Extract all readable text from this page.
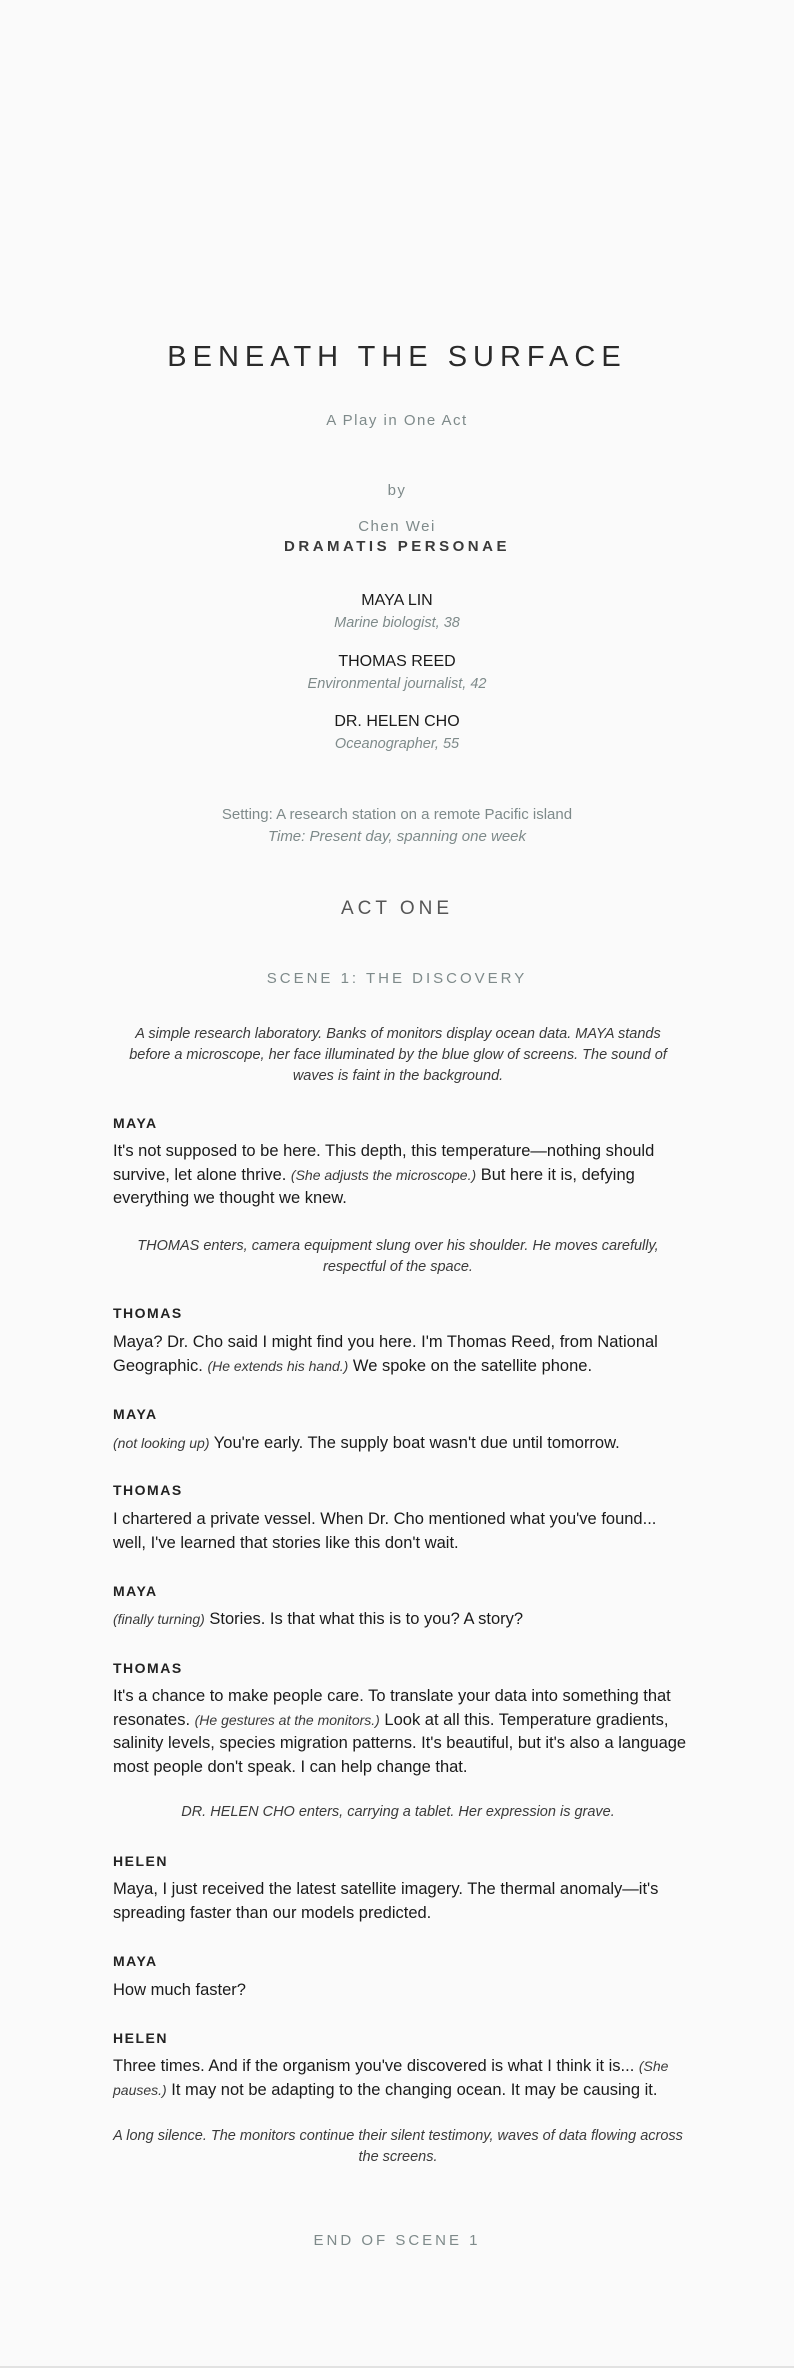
BENEATH THE SURFACE
A Play in One Act
by
Chen Wei
DRAMATIS PERSONAE
MAYA LIN
Marine biologist, 38
THOMAS REED
Environmental journalist, 42
DR. HELEN CHO
Oceanographer, 55
Setting: A research station on a remote Pacific island
Time: Present day, spanning one week
ACT ONE
SCENE 1: THE DISCOVERY
A simple research laboratory. Banks of monitors display ocean data. MAYA stands before a microscope, her face illuminated by the blue glow of screens. The sound of waves is faint in the background.
MAYA
It's not supposed to be here. This depth, this temperature—nothing should survive, let alone thrive. (She adjusts the microscope.) But here it is, defying everything we thought we knew.
THOMAS enters, camera equipment slung over his shoulder. He moves carefully, respectful of the space.
THOMAS
Maya? Dr. Cho said I might find you here. I'm Thomas Reed, from National Geographic. (He extends his hand.) We spoke on the satellite phone.
MAYA
(not looking up) You're early. The supply boat wasn't due until tomorrow.
THOMAS
I chartered a private vessel. When Dr. Cho mentioned what you've found... well, I've learned that stories like this don't wait.
MAYA
(finally turning) Stories. Is that what this is to you? A story?
THOMAS
It's a chance to make people care. To translate your data into something that resonates. (He gestures at the monitors.) Look at all this. Temperature gradients, salinity levels, species migration patterns. It's beautiful, but it's also a language most people don't speak. I can help change that.
DR. HELEN CHO enters, carrying a tablet. Her expression is grave.
HELEN
Maya, I just received the latest satellite imagery. The thermal anomaly—it's spreading faster than our models predicted.
MAYA
How much faster?
HELEN
Three times. And if the organism you've discovered is what I think it is... (She pauses.) It may not be adapting to the changing ocean. It may be causing it.
A long silence. The monitors continue their silent testimony, waves of data flowing across the screens.
END OF SCENE 1
